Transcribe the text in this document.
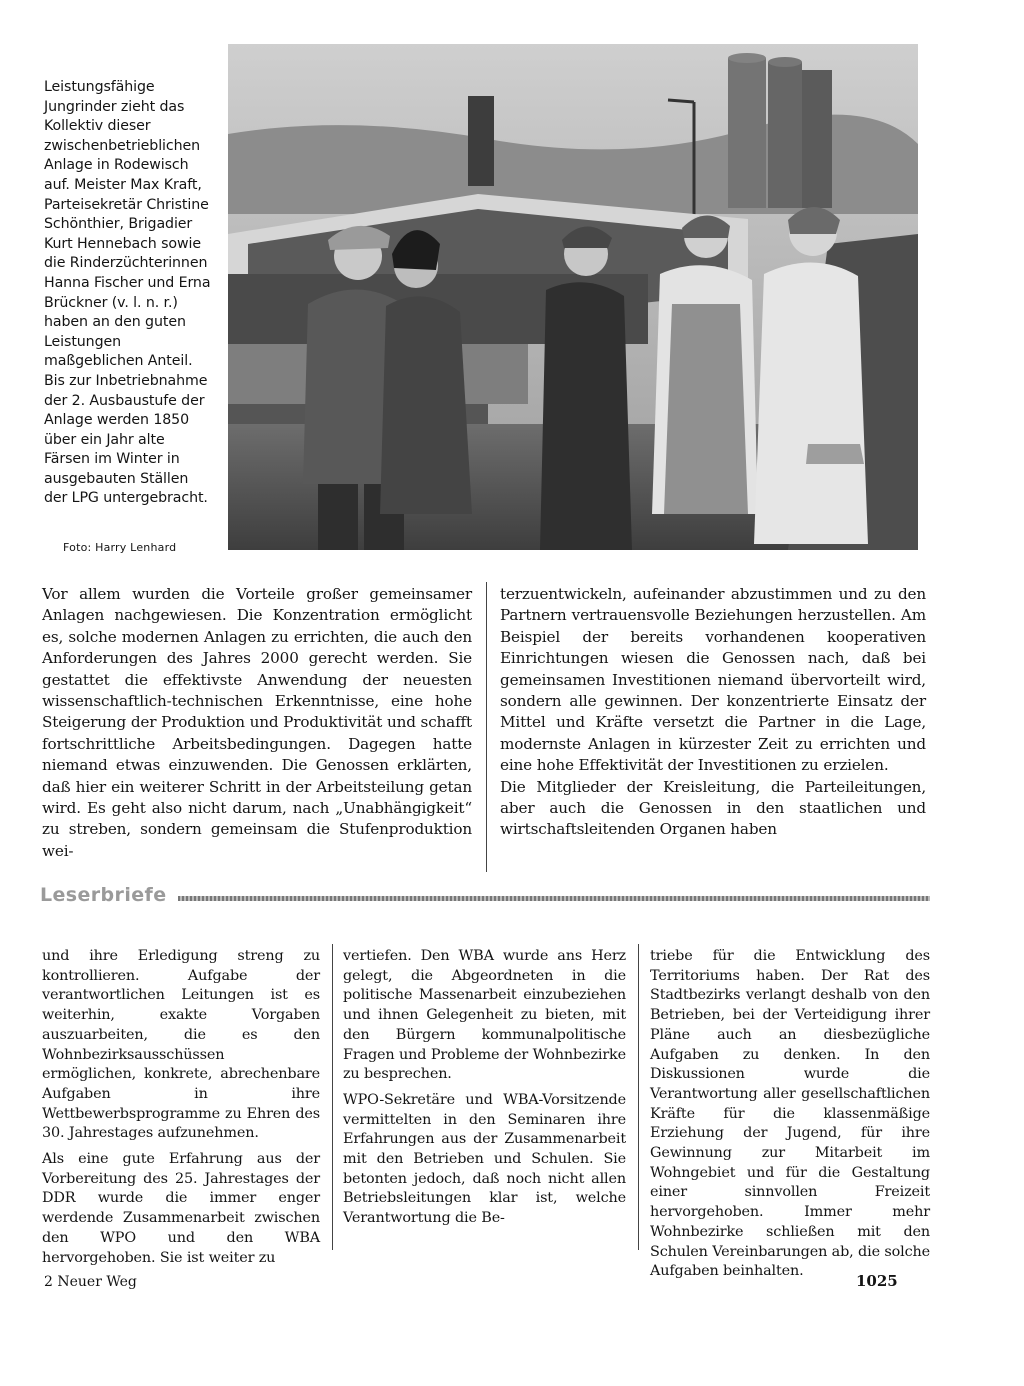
Leistungsfähige Jungrinder zieht das Kollektiv dieser zwischenbetrieblichen Anlage in Rodewisch auf. Meister Max Kraft, Parteisekretär Christine Schönthier, Brigadier Kurt Hennebach sowie die Rinderzüchterinnen Hanna Fischer und Erna Brückner (v. l. n. r.) haben an den guten Leistungen maßgeblichen Anteil. Bis zur Inbetriebnahme der 2. Ausbaustufe der Anlage werden 1850 über ein Jahr alte Färsen im Winter in ausgebauten Ställen der LPG untergebracht.
Foto: Harry Lenhard

Vor allem wurden die Vorteile großer gemeinsamer Anlagen nachgewiesen. Die Konzentration ermöglicht es, solche modernen Anlagen zu errichten, die auch den Anforderungen des Jahres 2000 gerecht werden. Sie gestattet die effektivste Anwendung der neuesten wissenschaftlich-technischen Erkenntnisse, eine hohe Steigerung der Produktion und Produktivität und schafft fortschrittliche Arbeitsbedingungen. Dagegen hatte niemand etwas einzuwenden. Die Genossen erklärten, daß hier ein weiterer Schritt in der Arbeitsteilung getan wird. Es geht also nicht darum, nach „Unabhängigkeit“ zu streben, sondern gemeinsam die Stufenproduktion wei-

terzuentwickeln, aufeinander abzustimmen und zu den Partnern vertrauensvolle Beziehungen herzustellen. Am Beispiel der bereits vorhandenen kooperativen Einrichtungen wiesen die Genossen nach, daß bei gemeinsamen Investitionen niemand übervorteilt wird, sondern alle gewinnen. Der konzentrierte Einsatz der Mittel und Kräfte versetzt die Partner in die Lage, modernste Anlagen in kürzester Zeit zu errichten und eine hohe Effektivität der Investitionen zu erzielen.

Die Mitglieder der Kreisleitung, die Parteileitungen, aber auch die Genossen in den staatlichen und wirtschaftsleitenden Organen haben

Leserbriefe

und ihre Erledigung streng zu kontrollieren. Aufgabe der verantwortlichen Leitungen ist es weiterhin, exakte Vorgaben auszuarbeiten, die es den Wohnbezirksausschüssen ermöglichen, konkrete, abrechenbare Aufgaben in ihre Wettbewerbsprogramme zu Ehren des 30. Jahrestages aufzunehmen.

Als eine gute Erfahrung aus der Vorbereitung des 25. Jahrestages der DDR wurde die immer enger werdende Zusammenarbeit zwischen den WPO und den WBA hervorgehoben. Sie ist weiter zu

vertiefen. Den WBA wurde ans Herz gelegt, die Abgeordneten in die politische Massenarbeit einzubeziehen und ihnen Gelegenheit zu bieten, mit den Bürgern kommunalpolitische Fragen und Probleme der Wohnbezirke zu besprechen.

WPO-Sekretäre und WBA-Vorsitzende vermittelten in den Seminaren ihre Erfahrungen aus der Zusammenarbeit mit den Betrieben und Schulen. Sie betonten jedoch, daß noch nicht allen Betriebsleitungen klar ist, welche Verantwortung die Be-

triebe für die Entwicklung des Territoriums haben. Der Rat des Stadtbezirks verlangt deshalb von den Betrieben, bei der Verteidigung ihrer Pläne auch an diesbezügliche Aufgaben zu denken. In den Diskussionen wurde die Verantwortung aller gesellschaftlichen Kräfte für die klassenmäßige Erziehung der Jugend, für ihre Gewinnung zur Mitarbeit im Wohngebiet und für die Gestaltung einer sinnvollen Freizeit hervorgehoben. Immer mehr Wohnbezirke schließen mit den Schulen Vereinbarungen ab, die solche Aufgaben beinhalten.

2 Neuer Weg	1025
